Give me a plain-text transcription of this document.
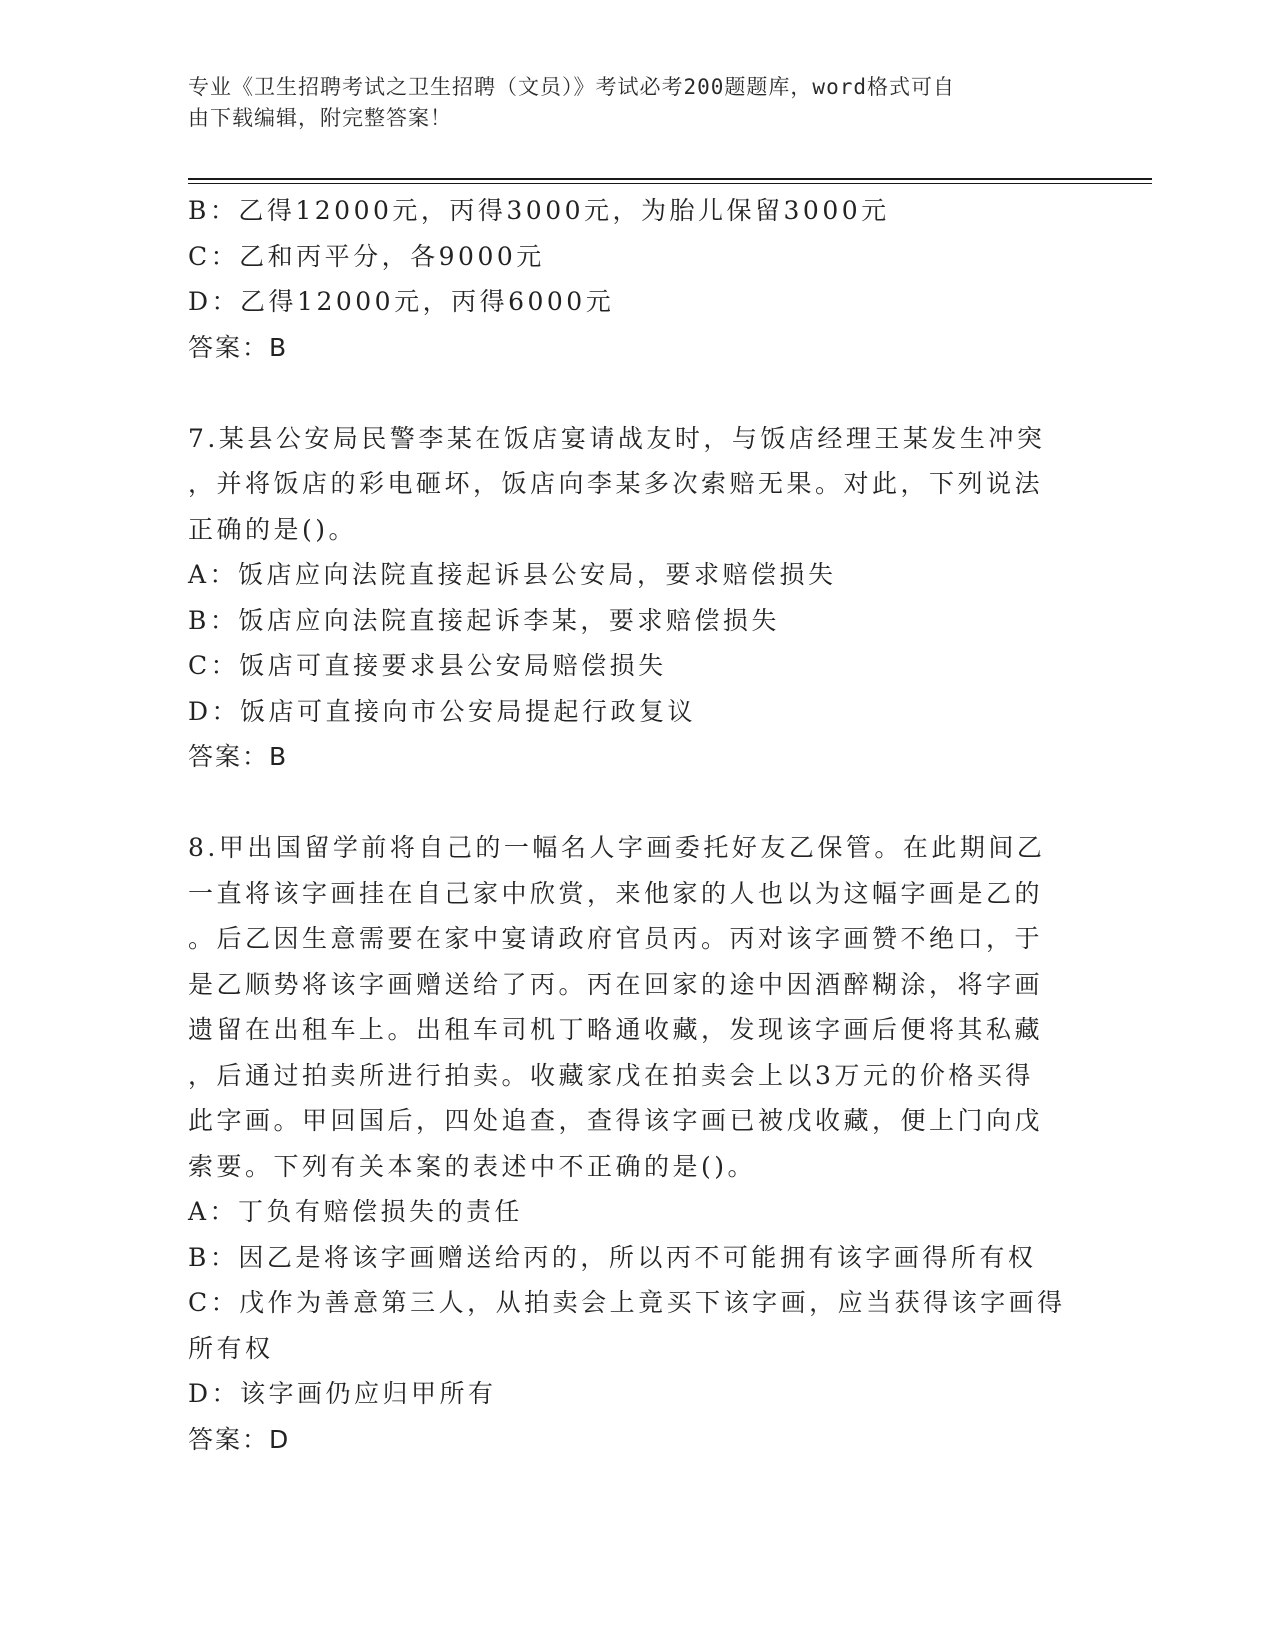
专业《卫生招聘考试之卫生招聘（文员）》考试必考200题题库，word格式可自
由下载编辑，附完整答案！
B：乙得12000元，丙得3000元，为胎儿保留3000元
C：乙和丙平分，各9000元
D：乙得12000元，丙得6000元
答案：B
7.某县公安局民警李某在饭店宴请战友时，与饭店经理王某发生冲突
，并将饭店的彩电砸坏，饭店向李某多次索赔无果。对此，下列说法
正确的是()。
A：饭店应向法院直接起诉县公安局，要求赔偿损失
B：饭店应向法院直接起诉李某，要求赔偿损失
C：饭店可直接要求县公安局赔偿损失
D：饭店可直接向市公安局提起行政复议
答案：B
8.甲出国留学前将自己的一幅名人字画委托好友乙保管。在此期间乙
一直将该字画挂在自己家中欣赏，来他家的人也以为这幅字画是乙的
。后乙因生意需要在家中宴请政府官员丙。丙对该字画赞不绝口，于
是乙顺势将该字画赠送给了丙。丙在回家的途中因酒醉糊涂，将字画
遗留在出租车上。出租车司机丁略通收藏，发现该字画后便将其私藏
，后通过拍卖所进行拍卖。收藏家戊在拍卖会上以3万元的价格买得
此字画。甲回国后，四处追查，查得该字画已被戊收藏，便上门向戊
索要。下列有关本案的表述中不正确的是()。
A：丁负有赔偿损失的责任
B：因乙是将该字画赠送给丙的，所以丙不可能拥有该字画得所有权
C：戊作为善意第三人，从拍卖会上竟买下该字画，应当获得该字画得
所有权
D：该字画仍应归甲所有
答案：D
